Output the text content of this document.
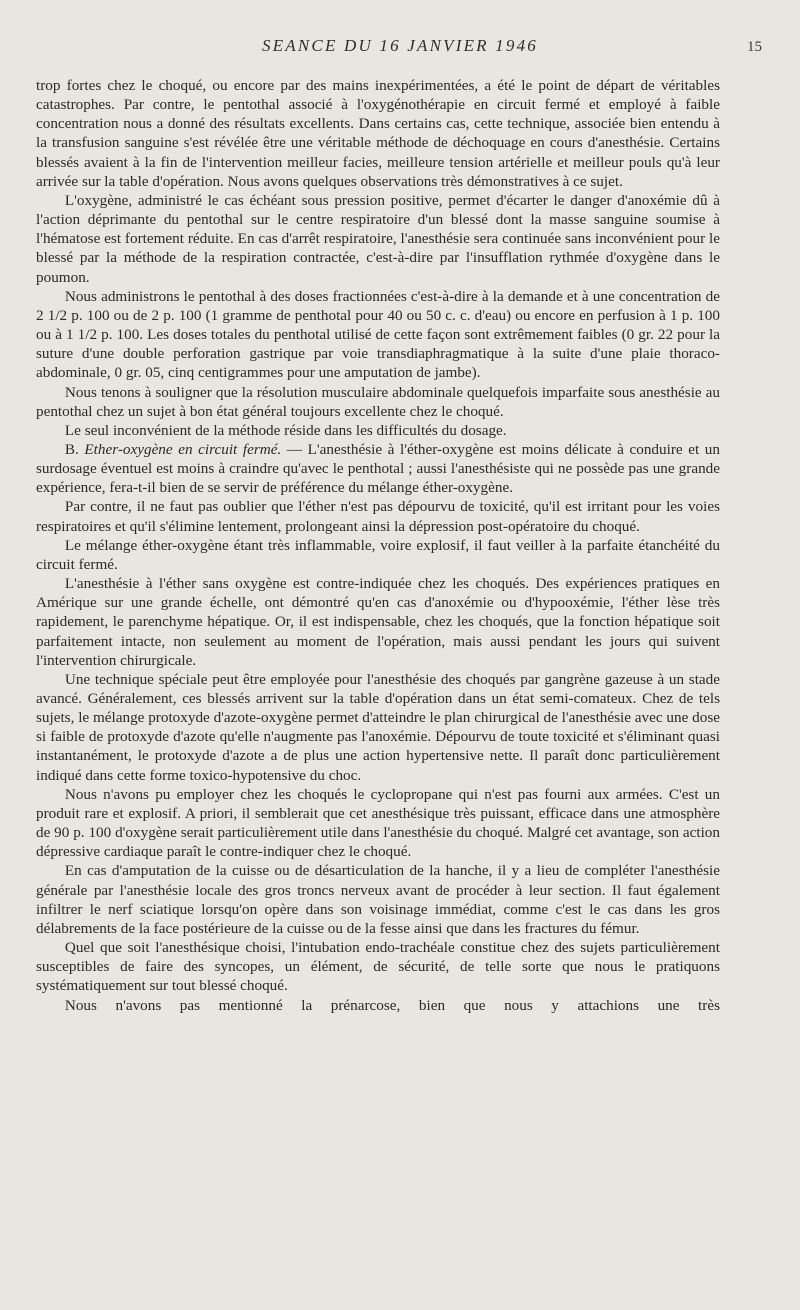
SEANCE DU 16 JANVIER 1946	15

trop fortes chez le choqué, ou encore par des mains inexpérimentées, a été le point de départ de véritables catastrophes. Par contre, le pentothal associé à l'oxygénothérapie en circuit fermé et employé à faible concentration nous a donné des résultats excellents. Dans certains cas, cette technique, associée bien entendu à la transfusion sanguine s'est révélée être une véritable méthode de déchoquage en cours d'anesthésie. Certains blessés avaient à la fin de l'intervention meilleur facies, meilleure tension artérielle et meilleur pouls qu'à leur arrivée sur la table d'opération. Nous avons quelques observations très démonstratives à ce sujet.

L'oxygène, administré le cas échéant sous pression positive, permet d'écarter le danger d'anoxémie dû à l'action déprimante du pentothal sur le centre respiratoire d'un blessé dont la masse sanguine soumise à l'hématose est fortement réduite. En cas d'arrêt respiratoire, l'anesthésie sera continuée sans inconvénient pour le blessé par la méthode de la respiration contractée, c'est-à-dire par l'insufflation rythmée d'oxygène dans le poumon.

Nous administrons le pentothal à des doses fractionnées c'est-à-dire à la demande et à une concentration de 2 1/2 p. 100 ou de 2 p. 100 (1 gramme de penthotal pour 40 ou 50 c. c. d'eau) ou encore en perfusion à 1 p. 100 ou à 1 1/2 p. 100. Les doses totales du penthotal utilisé de cette façon sont extrêmement faibles (0 gr. 22 pour la suture d'une double perforation gastrique par voie transdiaphragmatique à la suite d'une plaie thoraco-abdominale, 0 gr. 05, cinq centigrammes pour une amputation de jambe).

Nous tenons à souligner que la résolution musculaire abdominale quelquefois imparfaite sous anesthésie au pentothal chez un sujet à bon état général toujours excellente chez le choqué.

Le seul inconvénient de la méthode réside dans les difficultés du dosage.

B. Ether-oxygène en circuit fermé. — L'anesthésie à l'éther-oxygène est moins délicate à conduire et un surdosage éventuel est moins à craindre qu'avec le penthotal ; aussi l'anesthésiste qui ne possède pas une grande expérience, fera-t-il bien de se servir de préférence du mélange éther-oxygène.

Par contre, il ne faut pas oublier que l'éther n'est pas dépourvu de toxicité, qu'il est irritant pour les voies respiratoires et qu'il s'élimine lentement, prolongeant ainsi la dépression post-opératoire du choqué.

Le mélange éther-oxygène étant très inflammable, voire explosif, il faut veiller à la parfaite étanchéité du circuit fermé.

L'anesthésie à l'éther sans oxygène est contre-indiquée chez les choqués. Des expériences pratiques en Amérique sur une grande échelle, ont démontré qu'en cas d'anoxémie ou d'hypooxémie, l'éther lèse très rapidement, le parenchyme hépatique. Or, il est indispensable, chez les choqués, que la fonction hépatique soit parfaitement intacte, non seulement au moment de l'opération, mais aussi pendant les jours qui suivent l'intervention chirurgicale.

Une technique spéciale peut être employée pour l'anesthésie des choqués par gangrène gazeuse à un stade avancé. Généralement, ces blessés arrivent sur la table d'opération dans un état semi-comateux. Chez de tels sujets, le mélange protoxyde d'azote-oxygène permet d'atteindre le plan chirurgical de l'anesthésie avec une dose si faible de protoxyde d'azote qu'elle n'augmente pas l'anoxémie. Dépourvu de toute toxicité et s'éliminant quasi instantanément, le protoxyde d'azote a de plus une action hypertensive nette. Il paraît donc particulièrement indiqué dans cette forme toxico-hypotensive du choc.

Nous n'avons pu employer chez les choqués le cyclopropane qui n'est pas fourni aux armées. C'est un produit rare et explosif. A priori, il semblerait que cet anesthésique très puissant, efficace dans une atmosphère de 90 p. 100 d'oxygène serait particulièrement utile dans l'anesthésie du choqué. Malgré cet avantage, son action dépressive cardiaque paraît le contre-indiquer chez le choqué.

En cas d'amputation de la cuisse ou de désarticulation de la hanche, il y a lieu de compléter l'anesthésie générale par l'anesthésie locale des gros troncs nerveux avant de procéder à leur section. Il faut également infiltrer le nerf sciatique lorsqu'on opère dans son voisinage immédiat, comme c'est le cas dans les gros délabrements de la face postérieure de la cuisse ou de la fesse ainsi que dans les fractures du fémur.

Quel que soit l'anesthésique choisi, l'intubation endo-trachéale constitue chez des sujets particulièrement susceptibles de faire des syncopes, un élément, de sécurité, de telle sorte que nous le pratiquons systématiquement sur tout blessé choqué.

Nous n'avons pas mentionné la prénarcose, bien que nous y attachions une très
